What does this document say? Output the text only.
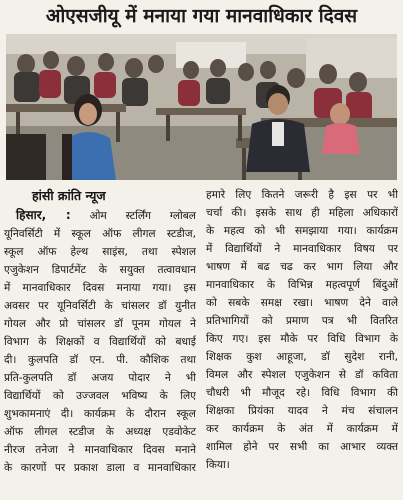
ओएसजीयू में मनाया गया मानवाधिकार दिवस
हांसी क्रांति न्यूज
हिसार, : ओम स्टर्लिंग ग्लोबल
यूनिवर्सिटी में स्कूल ऑफ लीगल स्टडीज,
स्कूल ऑफ हेल्थ साइंस, तथा स्पेशल
एजुकेशन डिपार्टमेंट के सयुक्त तत्वावधान
में मानवाधिकार दिवस मनाया गया। इस
अवसर पर यूनिवर्सिटी के चांसलर डॉ युनीत
गोयल और प्रो चांसलर डॉ पूनम गोयल ने
विभाग के शिक्षकों व विद्यार्थियों को बधाई
दी। कुलपति डॉ एन. पी. कौशिक तथा
प्रति-कुलपति डॉ अजय पोदार ने भी
विद्यार्थियों को उज्जवल भविष्य के लिए
शुभकामनाएं दी। कार्यक्रम के दौरान स्कूल
ऑफ लीगल स्टडीज के अध्यक्ष एडवोकेट
नीरज तनेजा ने मानवाधिकार दिवस मनाने
के कारणों पर प्रकाश डाला व मानवाधिकार
हमारे लिए कितने जरूरी है इस पर भी
चर्चा की। इसके साथ ही महिला अधिकारों
के महत्व को भी समझाया गया। कार्यक्रम
में विद्यार्थियों ने मानवाधिकार विषय पर
भाषण में बढ चढ कर भाग लिया और
मानवाधिकार के विभिन्न महत्वपूर्ण बिंदुओं
को सबके समक्ष रखा। भाषण देने वाले
प्रतिभागियों को प्रमाण पत्र भी वितरित
किए गए। इस मौके पर विधि विभाग के
शिक्षक कुश आहूजा, डॉ सुदेश रानी,
विमल और स्पेशल एजुकेशन से डॉ कविता
चौधरी भी मौजूद रहे। विधि विभाग की
शिक्षका प्रियंका यादव ने मंच संचालन
कर कार्यक्रम के अंत में कार्यक्रम में
शामिल होने पर सभी का आभार व्यक्त
किया।
